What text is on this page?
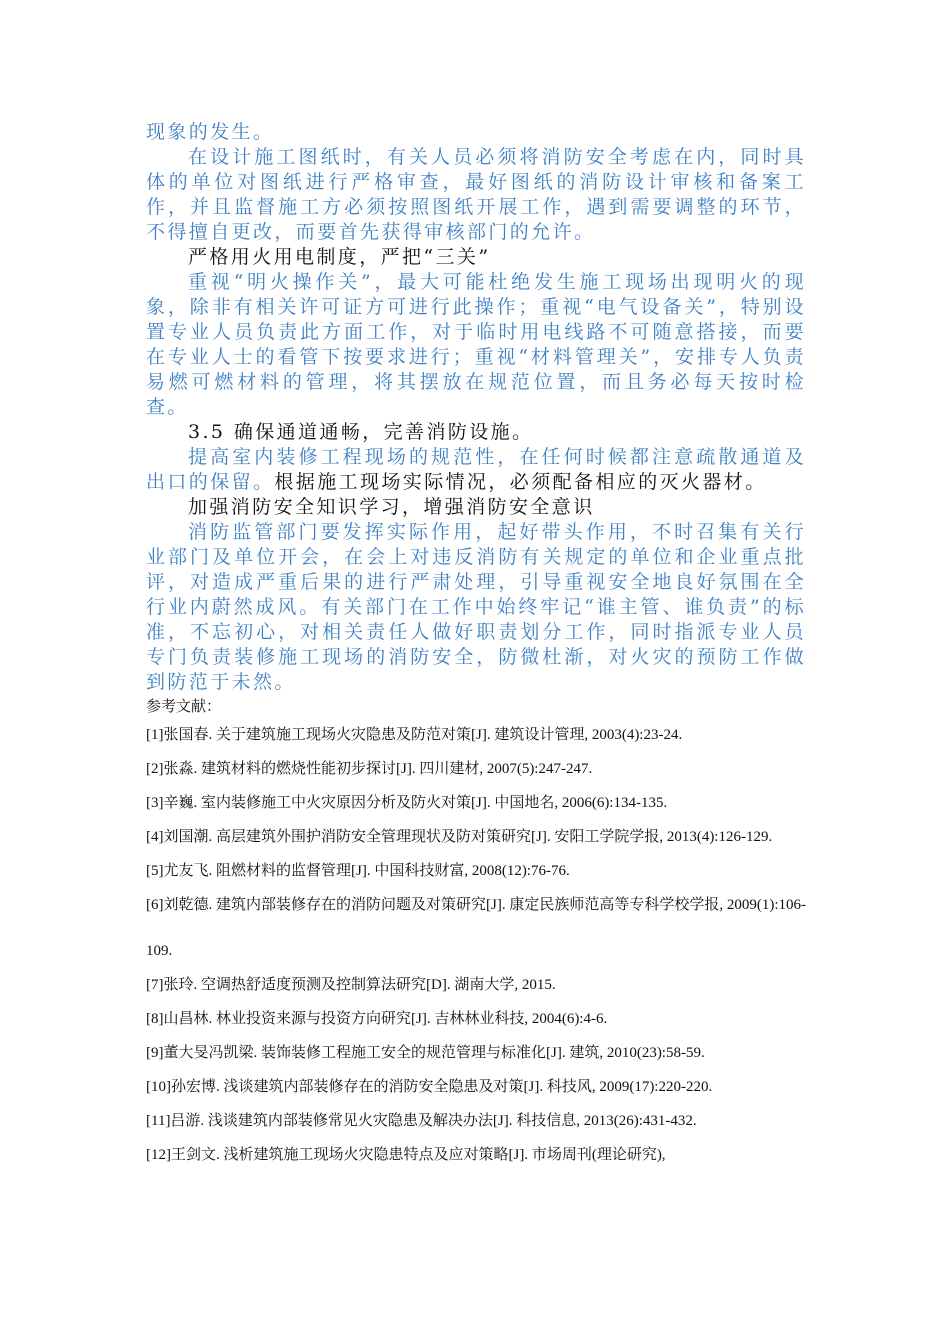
现象的发生。

在设计施工图纸时，有关人员必须将消防安全考虑在内，同时具体的单位对图纸进行严格审查，最好图纸的消防设计审核和备案工作，并且监督施工方必须按照图纸开展工作，遇到需要调整的环节，不得擅自更改，而要首先获得审核部门的允许。

严格用火用电制度，严把“三关”

重视“明火操作关”，最大可能杜绝发生施工现场出现明火的现象，除非有相关许可证方可进行此操作；重视“电气设备关”，特别设置专业人员负责此方面工作，对于临时用电线路不可随意搭接，而要在专业人士的看管下按要求进行；重视“材料管理关”，安排专人负责易燃可燃材料的管理，将其摆放在规范位置，而且务必每天按时检查。

3.5 确保通道通畅，完善消防设施。

提高室内装修工程现场的规范性，在任何时候都注意疏散通道及出口的保留。根据施工现场实际情况，必须配备相应的灭火器材。

加强消防安全知识学习，增强消防安全意识

消防监管部门要发挥实际作用，起好带头作用，不时召集有关行业部门及单位开会，在会上对违反消防有关规定的单位和企业重点批评，对造成严重后果的进行严肃处理，引导重视安全地良好氛围在全行业内蔚然成风。有关部门在工作中始终牢记“谁主管、谁负责”的标准，不忘初心，对相关责任人做好职责划分工作，同时指派专业人员专门负责装修施工现场的消防安全，防微杜渐，对火灾的预防工作做到防范于未然。

参考文献：
[1]张国春. 关于建筑施工现场火灾隐患及防范对策[J]. 建筑设计管理, 2003(4):23-24.
[2]张淼. 建筑材料的燃烧性能初步探讨[J]. 四川建材, 2007(5):247-247.
[3]辛巍. 室内装修施工中火灾原因分析及防火对策[J]. 中国地名, 2006(6):134-135.
[4]刘国潮. 高层建筑外围护消防安全管理现状及防对策研究[J]. 安阳工学院学报, 2013(4):126-129.
[5]尤友飞. 阻燃材料的监督管理[J]. 中国科技财富, 2008(12):76-76.
[6]刘乾德. 建筑内部装修存在的消防问题及对策研究[J]. 康定民族师范高等专科学校学报, 2009(1):106-109.
[7]张玲. 空调热舒适度预测及控制算法研究[D]. 湖南大学, 2015.
[8]山昌林. 林业投资来源与投资方向研究[J]. 吉林林业科技, 2004(6):4-6.
[9]董大旻冯凯梁. 装饰装修工程施工安全的规范管理与标准化[J]. 建筑, 2010(23):58-59.
[10]孙宏博. 浅谈建筑内部装修存在的消防安全隐患及对策[J]. 科技风, 2009(17):220-220.
[11]吕游. 浅谈建筑内部装修常见火灾隐患及解决办法[J]. 科技信息, 2013(26):431-432.
[12]王剑文. 浅析建筑施工现场火灾隐患特点及应对策略[J]. 市场周刊(理论研究),
